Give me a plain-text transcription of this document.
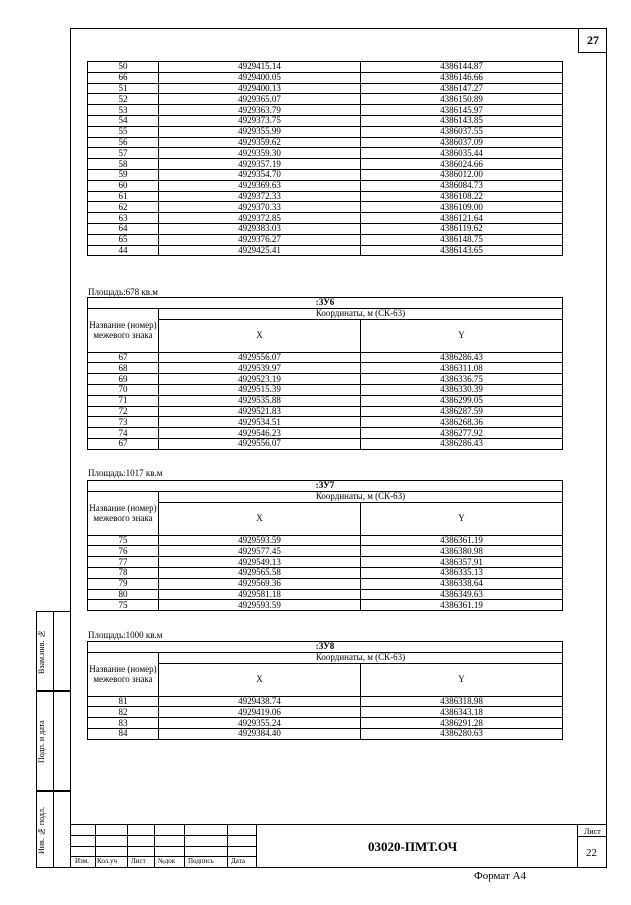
27
50	4929415.14	4386144.87
66	4929400.05	4386146.66
51	4929400.13	4386147.27
52	4929365.07	4386150.89
53	4929363.79	4386145.97
54	4929373.75	4386143.85
55	4929355.99	4386037.55
56	4929359.62	4386037.09
57	4929359.30	4386035.44
58	4929357.19	4386024.66
59	4929354.70	4386012.00
60	4929369.63	4386084.73
61	4929372.33	4386108.22
62	4929370.33	4386109.00
63	4929372.85	4386121.64
64	4929383.03	4386119.62
65	4929376.27	4386148.75
44	4929425.41	4386143.65
Площадь:678 кв.м
:ЗУ6		
Название (номер) межевого знака	Координаты, м (СК-63)	
	X	Y
67	4929556.07	4386286.43
68	4929539.97	4386311.08
69	4929523.19	4386336.75
70	4929515.39	4386330.39
71	4929535.88	4386299.05
72	4929521.83	4386287.59
73	4929534.51	4386268.36
74	4929546.23	4386277.92
67	4929556.07	4386286.43
Площадь:1017 кв.м
:ЗУ7		
Название (номер) межевого знака	Координаты, м (СК-63)	
	X	Y
75	4929593.59	4386361.19
76	4929577.45	4386380.98
77	4929549.13	4386357.91
78	4929565.58	4386335.13
79	4929569.36	4386338.64
80	4929581.18	4386349.63
75	4929593.59	4386361.19
Площадь:1000 кв.м
:ЗУ8		
Название (номер) межевого знака	Координаты, м (СК-63)	
	X	Y
81	4929438.74	4386318.98
82	4929419.06	4386343.18
83	4929355.24	4386291.28
84	4929384.40	4386280.63
Взам.инв. №
Подп. и дата
Инв. № подл.
Изм. Кол.уч Лист №док Подпись Дата
03020-ПМТ.ОЧ
Лист
22
Формат А4
